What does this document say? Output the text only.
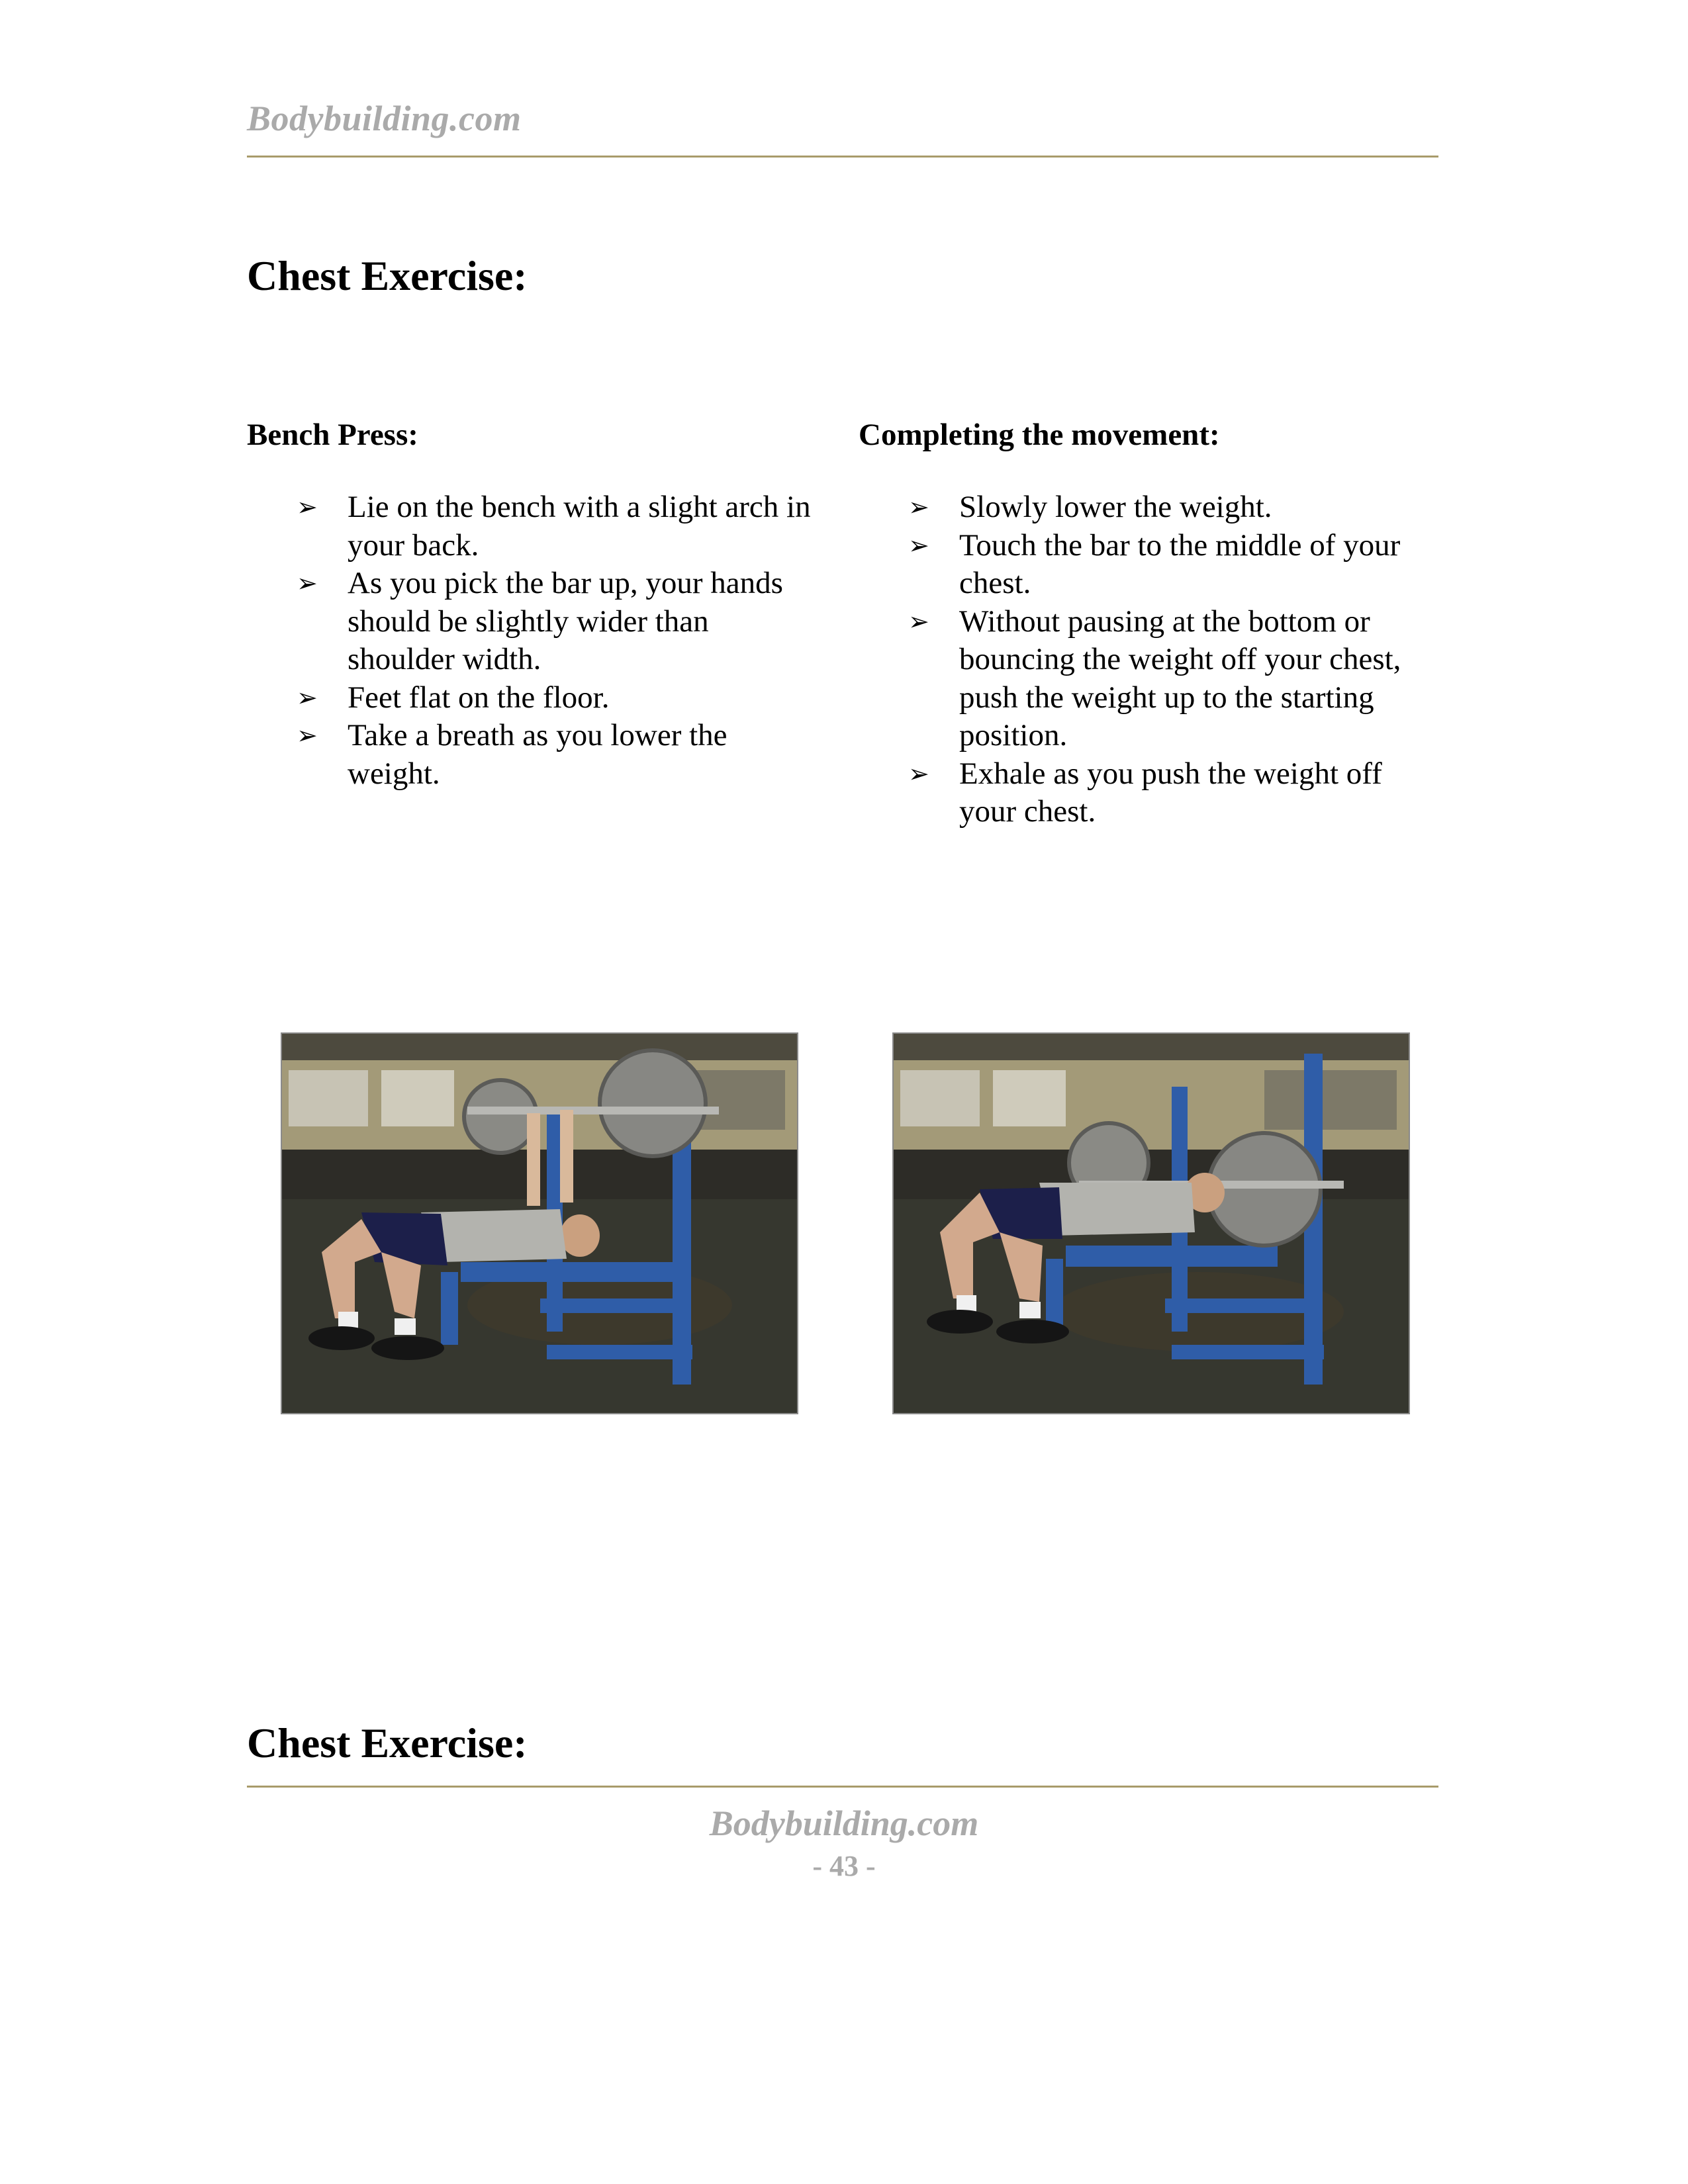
Bodybuilding.com
Chest Exercise:
Bench Press:
➢ Lie on the bench with a slight arch in your back.
➢ As you pick the bar up, your hands should be slightly wider than shoulder width.
➢ Feet flat on the floor.
➢ Take a breath as you lower the weight.
Completing the movement:
➢ Slowly lower the weight.
➢ Touch the bar to the middle of your chest.
➢ Without pausing at the bottom or bouncing the weight off your chest, push the weight up to the starting position.
➢ Exhale as you push the weight off your chest.
Chest Exercise:
Bodybuilding.com
- 43 -
